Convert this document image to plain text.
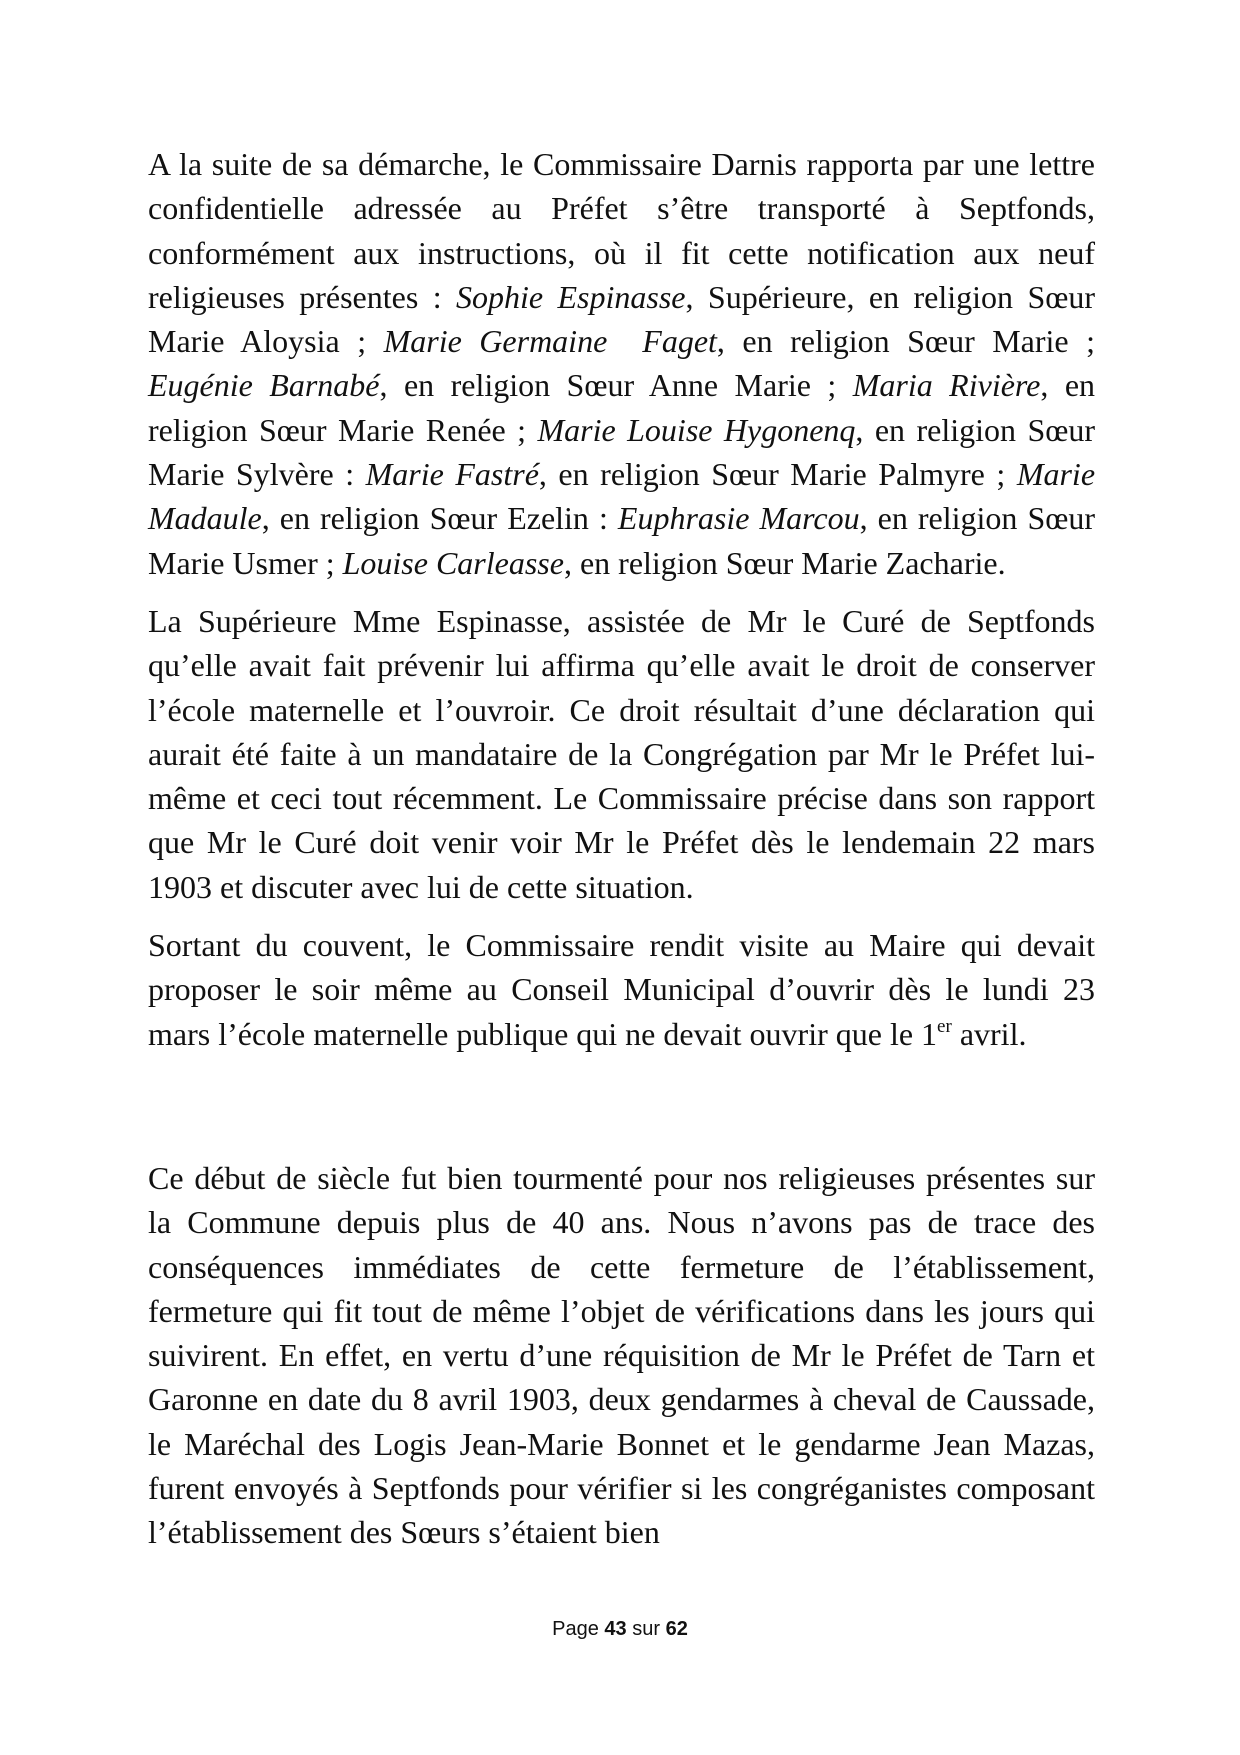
A la suite de sa démarche, le Commissaire Darnis rapporta par une lettre confidentielle adressée au Préfet s’être transporté à Septfonds, conformément aux instructions, où il fit cette notification aux neuf religieuses présentes : Sophie Espinasse, Supérieure, en religion Sœur Marie Aloysia ; Marie Germaine  Faget, en religion Sœur Marie ; Eugénie Barnabé, en religion Sœur Anne Marie ; Maria Rivière, en religion Sœur Marie Renée ; Marie Louise Hygonenq, en religion Sœur Marie Sylvère : Marie Fastré, en religion Sœur Marie Palmyre ; Marie Madaule, en religion Sœur Ezelin : Euphrasie Marcou, en religion Sœur Marie Usmer ; Louise Carleasse, en religion Sœur Marie Zacharie.

La Supérieure Mme Espinasse, assistée de Mr le Curé de Septfonds qu’elle avait fait prévenir lui affirma qu’elle avait le droit de conserver l’école maternelle et l’ouvroir. Ce droit résultait d’une déclaration qui aurait été faite à un mandataire de la Congrégation par Mr le Préfet lui-même et ceci tout récemment. Le Commissaire précise dans son rapport que Mr le Curé doit venir voir Mr le Préfet dès le lendemain 22 mars 1903 et discuter avec lui de cette situation.

Sortant du couvent, le Commissaire rendit visite au Maire qui devait proposer le soir même au Conseil Municipal d’ouvrir dès le lundi 23 mars l’école maternelle publique qui ne devait ouvrir que le 1er avril.

Ce début de siècle fut bien tourmenté pour nos religieuses présentes sur la Commune depuis plus de 40 ans. Nous n’avons pas de trace des conséquences immédiates de cette fermeture de l’établissement, fermeture qui fit tout de même l’objet de vérifications dans les jours qui suivirent. En effet, en vertu d’une réquisition de Mr le Préfet de Tarn et Garonne en date du 8 avril 1903, deux gendarmes à cheval de Caussade, le Maréchal des Logis Jean-Marie Bonnet et le gendarme Jean Mazas, furent envoyés à Septfonds pour vérifier si les congréganistes composant l’établissement des Sœurs s’étaient bien

Page 43 sur 62
